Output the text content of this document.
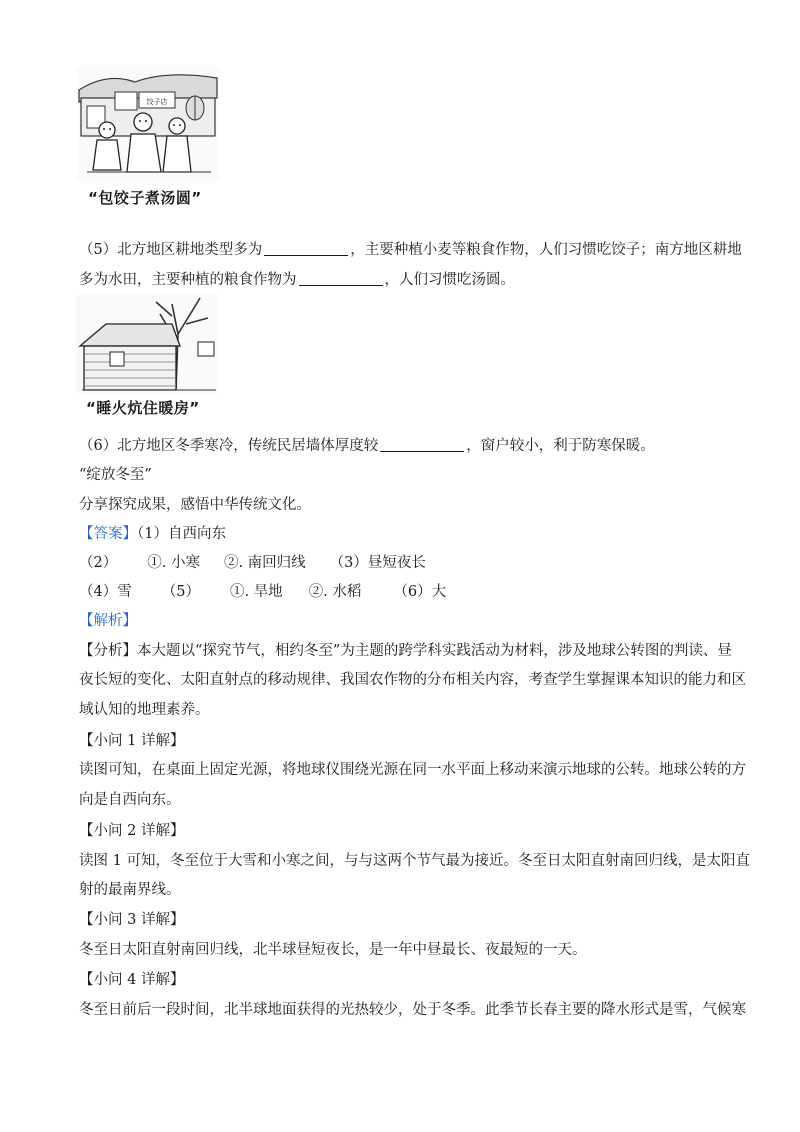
饺子店
“包饺子煮汤圆”
（5）北方地区耕地类型多为	，主要种植小麦等粮食作物，人们习惯吃饺子；南方地区耕地
多为水田，主要种植的粮食作物为	，人们习惯吃汤圆。
“睡火炕住暖房”
（6）北方地区冬季寒冷，传统民居墙体厚度较	，窗户较小，利于防寒保暖。
“绽放冬至”
分享探究成果，感悟中华传统文化。
【答案】（1）自西向东
（2） ①. 小寒 ②. 南回归线 （3）昼短夜长
（4）雪 （5） ①. 旱地 ②. 水稻 （6）大
【解析】
【分析】本大题以“探究节气，相约冬至”为主题的跨学科实践活动为材料，涉及地球公转图的判读、昼
夜长短的变化、太阳直射点的移动规律、我国农作物的分布相关内容，考查学生掌握课本知识的能力和区
域认知的地理素养。
【小问 1 详解】
读图可知，在桌面上固定光源，将地球仪围绕光源在同一水平面上移动来演示地球的公转。地球公转的方
向是自西向东。
【小问 2 详解】
读图 1 可知，冬至位于大雪和小寒之间，与与这两个节气最为接近。冬至日太阳直射南回归线，是太阳直
射的最南界线。
【小问 3 详解】
冬至日太阳直射南回归线，北半球昼短夜长，是一年中昼最长、夜最短的一天。
【小问 4 详解】
冬至日前后一段时间，北半球地面获得的光热较少，处于冬季。此季节长春主要的降水形式是雪，气候寒
